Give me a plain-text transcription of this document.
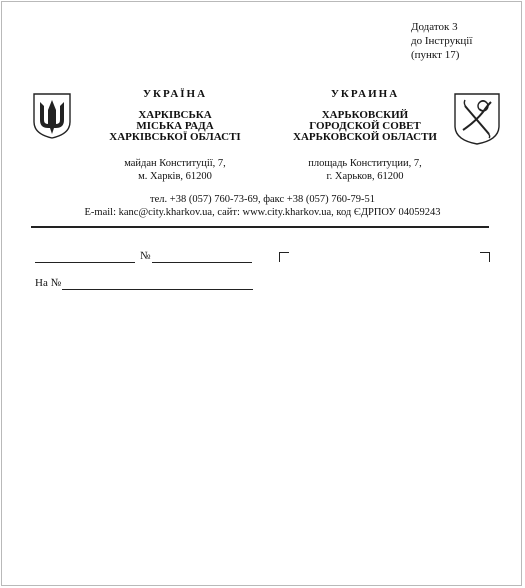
Додаток 3
до Інструкції
(пункт 17)
УКРАЇНА
ХАРКІВСЬКА
МІСЬКА РАДА
ХАРКІВСЬКОЇ ОБЛАСТІ
майдан Конституції, 7,
м. Харків, 61200
УКРАИНА
ХАРЬКОВСКИЙ
ГОРОДСКОЙ СОВЕТ
ХАРЬКОВСКОЙ ОБЛАСТИ
площадь Конституции, 7,
г. Харьков, 61200
тел. +38 (057) 760-73-69, факс +38 (057) 760-79-51
E-mail: kanc@city.kharkov.ua, сайт: www.city.kharkov.ua, код ЄДРПОУ 04059243
№
На №
